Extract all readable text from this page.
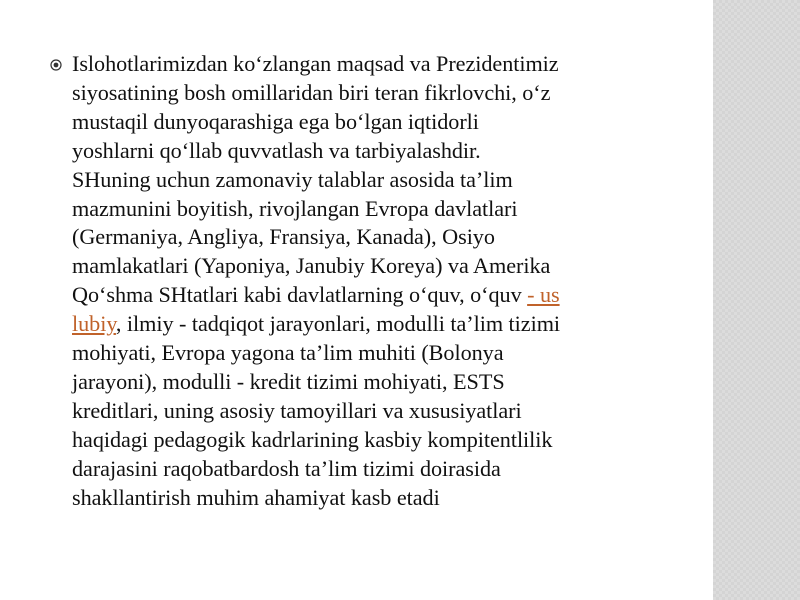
Islohotlarimizdan ko‘zlangan maqsad va Prezidentimiz
siyosatining bosh omillaridan biri teran fikrlovchi, o‘z
mustaqil dunyoqarashiga ega bo‘lgan iqtidorli
yoshlarni qo‘llab quvvatlash va tarbiyalashdir.
SHuning uchun zamonaviy talablar asosida ta’lim
mazmunini boyitish, rivojlangan Evropa davlatlari
(Germaniya, Angliya, Fransiya, Kanada), Osiyo
mamlakatlari (Yaponiya, Janubiy Koreya) va Amerika
Qo‘shma SHtatlari kabi davlatlarning o‘quv, o‘quv - us
lubiy, ilmiy - tadqiqot jarayonlari, modulli ta’lim tizimi
mohiyati, Evropa yagona ta’lim muhiti (Bolonya
jarayoni), modulli - kredit tizimi mohiyati, ESTS
kreditlari, uning asosiy tamoyillari va xususiyatlari
haqidagi pedagogik kadrlarining kasbiy kompitentlilik
darajasini raqobatbardosh ta’lim tizimi doirasida
shakllantirish muhim ahamiyat kasb etadi
